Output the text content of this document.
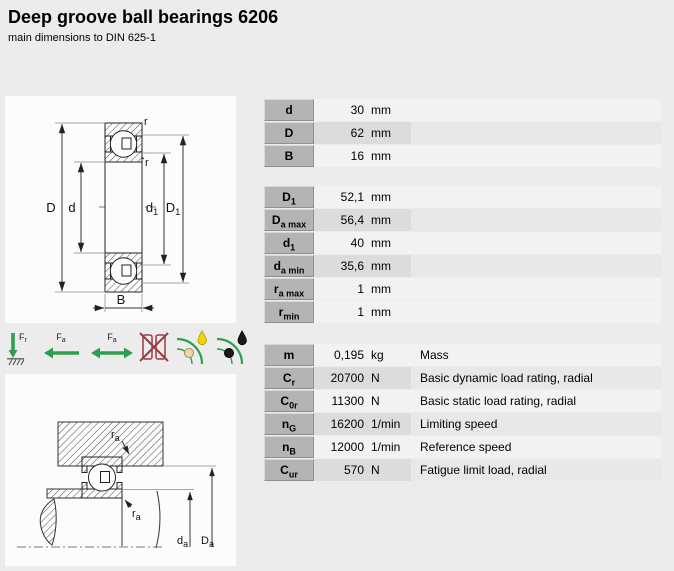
Deep groove ball bearings 6206
main dimensions to DIN 625-1
D d	$d_1$ $D_1$
r
r
B
$F_r$	$F_a$	$F_a$
$r_a$
$r_a$
$d_a$ $D_a$
d	30 mm
D	62 mm
B	16 mm
$D_1$	52,1 mm
$D_{a max}$	56,4 mm
$d_1$	40 mm
$d_{a min}$	35,6 mm
$r_{a max}$	1 mm
$r_{min}$	1 mm
m	0,195 kg	Mass
$C_r$	20700 N	Basic dynamic load rating, radial
$C_{0r}$	11300 N	Basic static load rating, radial
$n_G$	16200 1/min	Limiting speed
$n_B$	12000 1/min	Reference speed
$C_{ur}$	570 N	Fatigue limit load, radial
